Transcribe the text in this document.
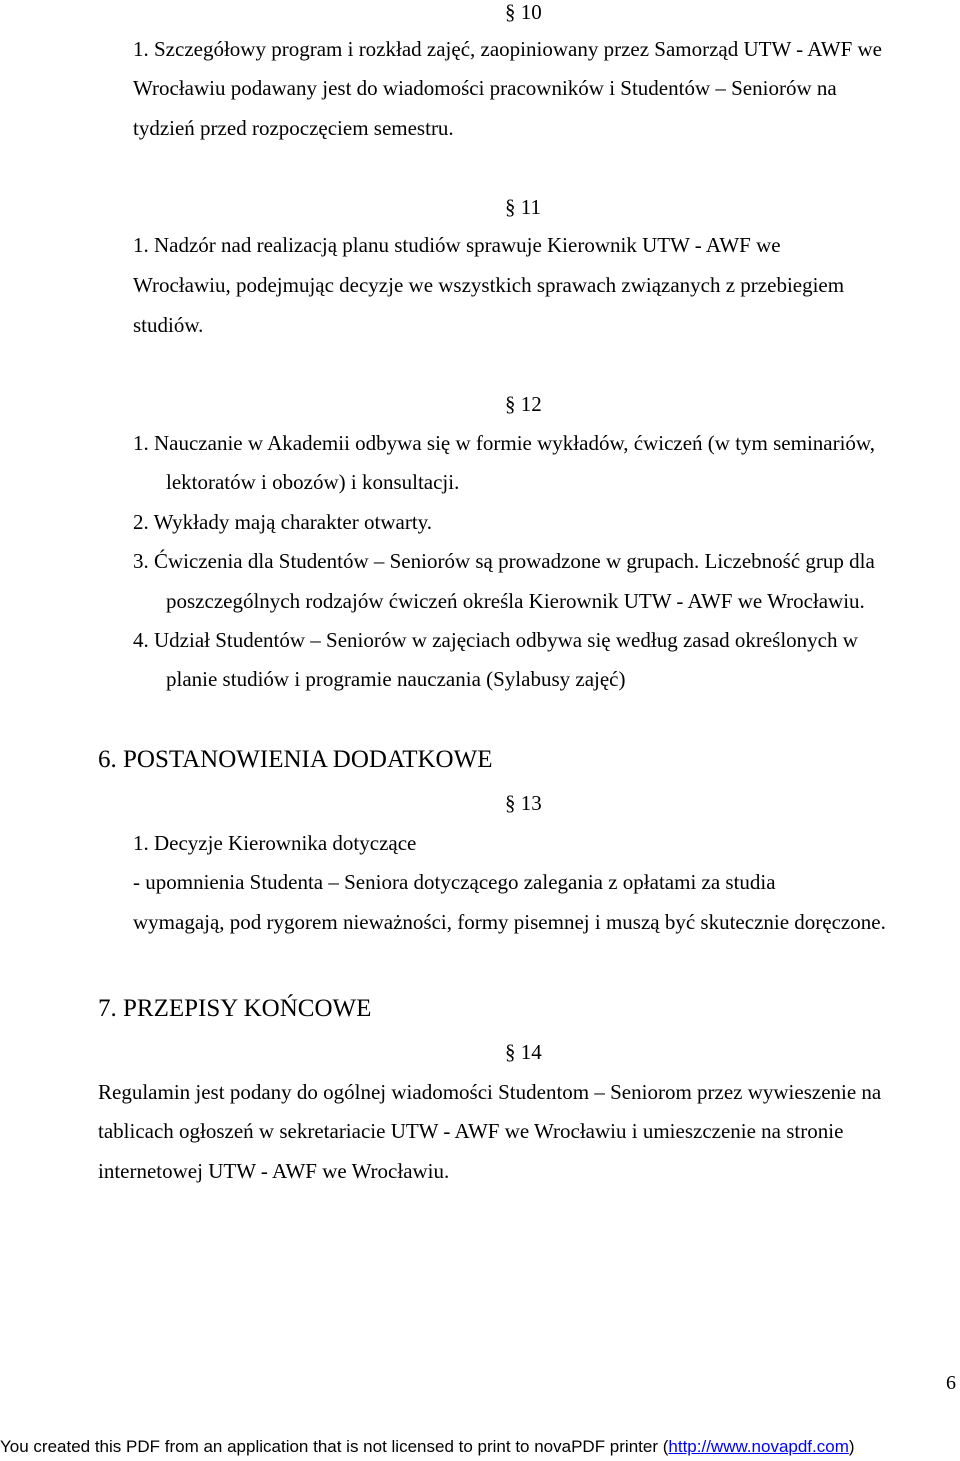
§ 10
1. Szczegółowy program i rozkład zajęć, zaopiniowany przez Samorząd UTW - AWF we
Wrocławiu podawany jest do wiadomości pracowników i Studentów – Seniorów na
tydzień przed rozpoczęciem semestru.
§ 11
1. Nadzór nad realizacją planu studiów sprawuje Kierownik UTW - AWF we
Wrocławiu, podejmując decyzje we wszystkich sprawach związanych z przebiegiem
studiów.
§ 12
1. Nauczanie w Akademii odbywa się w formie wykładów, ćwiczeń (w tym seminariów,
lektoratów i obozów) i konsultacji.
2. Wykłady mają charakter otwarty.
3. Ćwiczenia dla Studentów – Seniorów są prowadzone w grupach. Liczebność grup dla
poszczególnych rodzajów ćwiczeń określa Kierownik UTW - AWF we Wrocławiu.
4. Udział Studentów – Seniorów w zajęciach odbywa się według zasad określonych w
planie studiów i programie nauczania (Sylabusy zajęć)
6. POSTANOWIENIA DODATKOWE
§ 13
1. Decyzje Kierownika dotyczące
- upomnienia Studenta – Seniora dotyczącego zalegania z opłatami za studia
wymagają, pod rygorem nieważności, formy pisemnej i muszą być skutecznie doręczone.
7. PRZEPISY KOŃCOWE
§ 14
Regulamin jest podany do ogólnej wiadomości Studentom – Seniorom przez wywieszenie na
tablicach ogłoszeń w sekretariacie UTW - AWF we Wrocławiu i umieszczenie na stronie
internetowej UTW - AWF we Wrocławiu.
6
You created this PDF from an application that is not licensed to print to novaPDF printer (http://www.novapdf.com)
